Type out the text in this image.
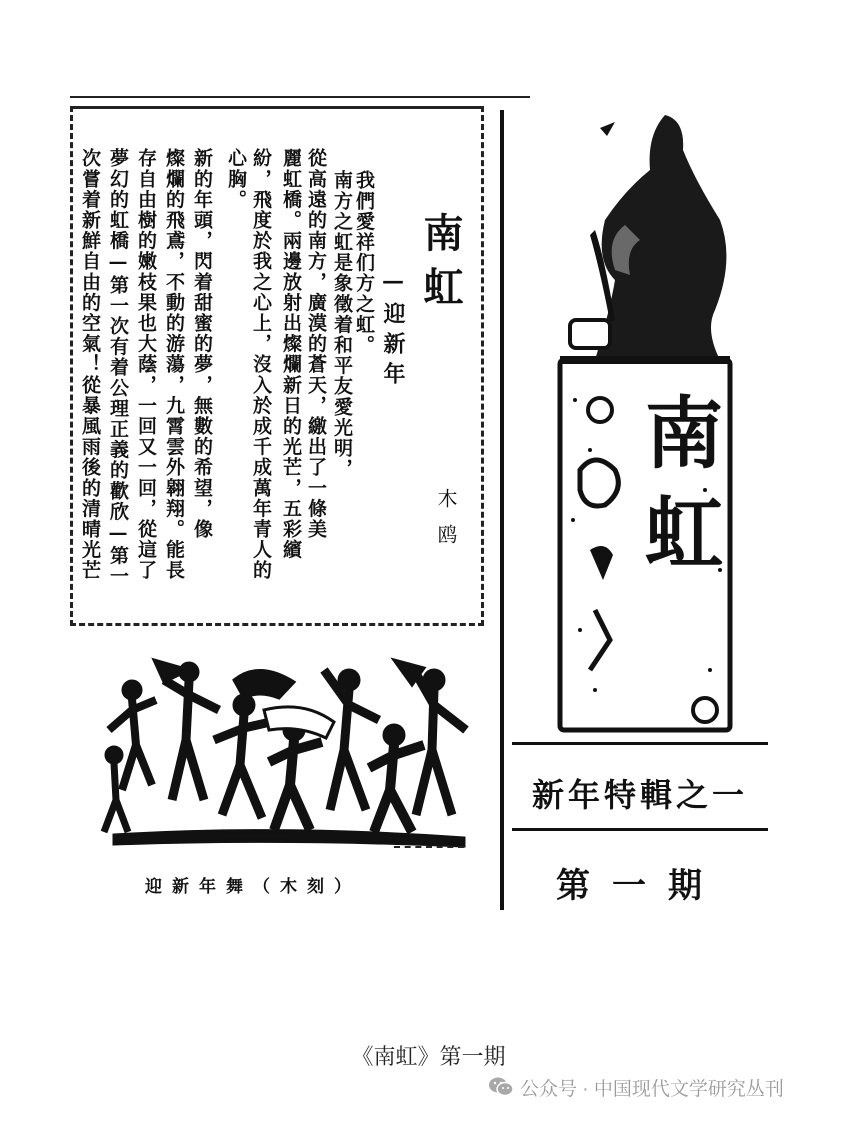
南虹
—迎新年
木鸥
我們愛祥们方之虹。
南方之虹是象徵着和平友愛光明，
從高遠的南方，廣漠的蒼天，繳出了一條美
麗虹橋。兩邊放射出燦爛新日的光芒，五彩繽
紛，飛度於我之心上，沒入於成千成萬年青人的
心胸。
新的年頭，閃着甜蜜的夢，無數的希望，像
燦爛的飛鳶，不動的游蕩，九霄雲外翱翔。能長
存自由樹的嫩枝果也大蔭，一回又一回，從這了
夢幻的虹橋—第一次有着公理正義的歡欣—第一
次嘗着新鮮自由的空氣！從暴風雨後的清晴光芒
迎新年舞（木刻）
南虹
新年特輯之一
第一期
《南虹》第一期
公众号 · 中国现代文学研究丛刊
